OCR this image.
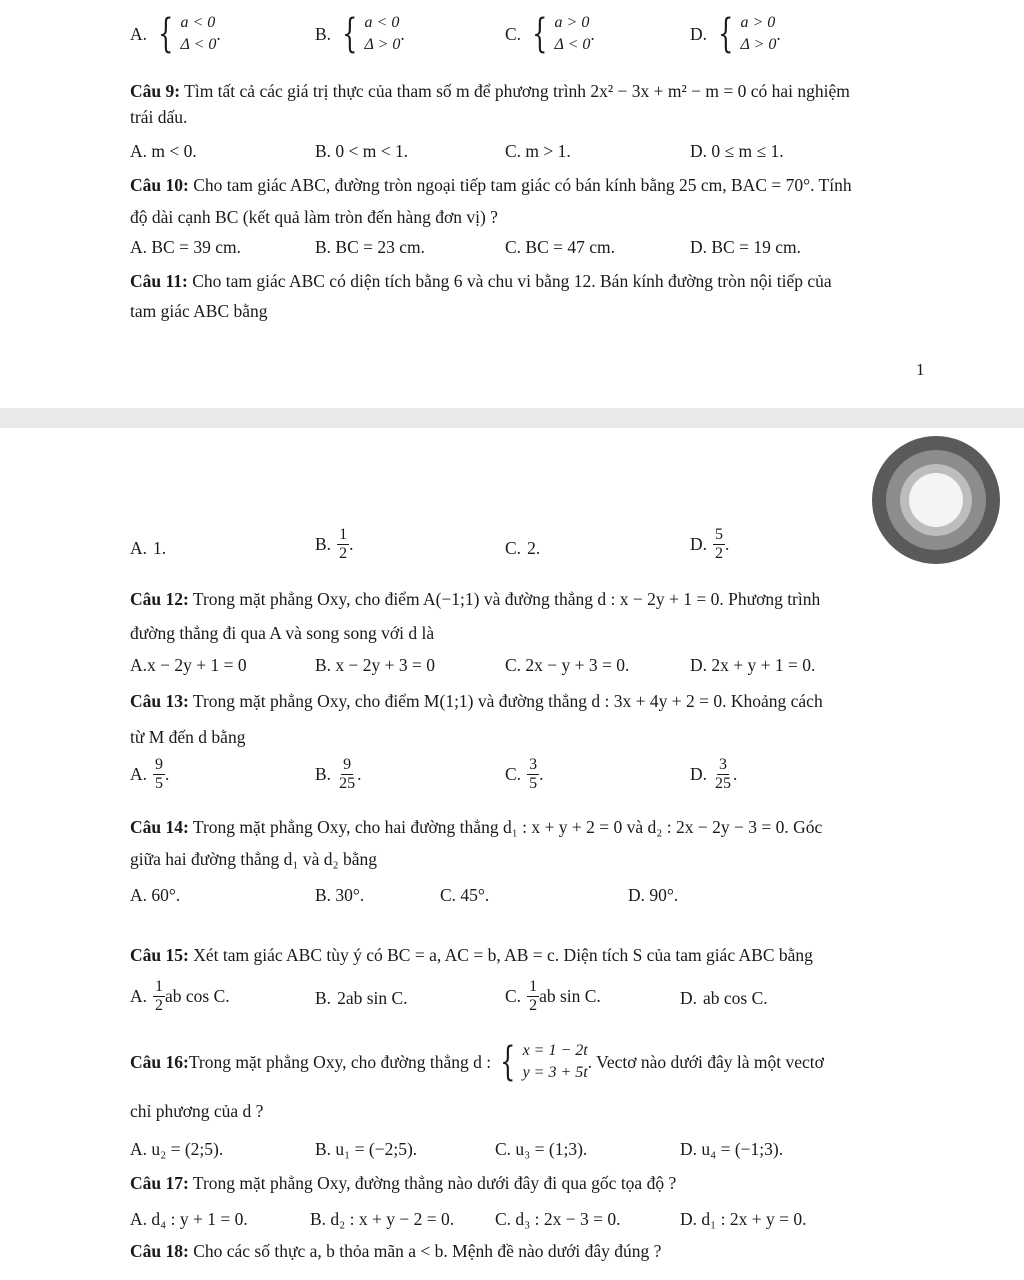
A. { a < 0
Δ < 0
.	B. { a < 0
Δ > 0
.	C. { a > 0
Δ < 0
.	D. { a > 0
Δ > 0
.
Câu 9: Tìm tất cả các giá trị thực của tham số m để phương trình 2x² − 3x + m² − m = 0 có hai nghiệm
trái dấu.
A. m < 0.	B. 0 < m < 1.	C. m > 1.	D. 0 ≤ m ≤ 1.
Câu 10: Cho tam giác ABC, đường tròn ngoại tiếp tam giác có bán kính bằng 25 cm, BAC = 70°. Tính
độ dài cạnh BC (kết quả làm tròn đến hàng đơn vị) ?
A. BC = 39 cm.	B. BC = 23 cm.	C. BC = 47 cm.	D. BC = 19 cm.
Câu 11: Cho tam giác ABC có diện tích bằng 6 và chu vi bằng 12. Bán kính đường tròn nội tiếp của
tam giác ABC bằng
1
A. 1.	B. $\frac{1}{2}$ .	C. 2.	D. $\frac{5}{2}$ .
Câu 12: Trong mặt phẳng Oxy, cho điểm A(−1;1) và đường thẳng d : x − 2y + 1 = 0. Phương trình
đường thẳng đi qua A và song song với d là
A.x − 2y + 1 = 0	B. x − 2y + 3 = 0	C. 2x − y + 3 = 0.	D. 2x + y + 1 = 0.
Câu 13: Trong mặt phẳng Oxy, cho điểm M(1;1) và đường thẳng d : 3x + 4y + 2 = 0. Khoảng cách
từ M đến d bằng
A. $\frac{9}{5}$ .	B. $\frac{9}{25}$ .	C. $\frac{3}{5}$ .	D. $\frac{3}{25}$ .
Câu 14: Trong mặt phẳng Oxy, cho hai đường thẳng d₁ : x + y + 2 = 0 và d₂ : 2x − 2y − 3 = 0. Góc
giữa hai đường thẳng d₁ và d₂ bằng
A. 60°.	B. 30°.	C. 45°.	D. 90°.
Câu 15: Xét tam giác ABC tùy ý có BC = a, AC = b, AB = c. Diện tích S của tam giác ABC bằng
A. $\frac{1}{2}$ ab cos C.	B. 2ab sin C.	C. $\frac{1}{2}$ ab sin C.	D. ab cos C.
Câu 16: Trong mặt phẳng Oxy, cho đường thẳng d : { x = 1 − 2t
y = 3 + 5t
. Vectơ nào dưới đây là một vectơ
chỉ phương của d ?
A. u₂ = (2;5).	B. u₁ = (−2;5).	C. u₃ = (1;3).	D. u₄ = (−1;3).
Câu 17: Trong mặt phẳng Oxy, đường thẳng nào dưới đây đi qua gốc tọa độ ?
A. d₄ : y + 1 = 0.	B. d₂ : x + y − 2 = 0. C. d₃ : 2x − 3 = 0.	D. d₁ : 2x + y = 0.
Câu 18: Cho các số thực a, b thỏa mãn a < b. Mệnh đề nào dưới đây đúng ?
